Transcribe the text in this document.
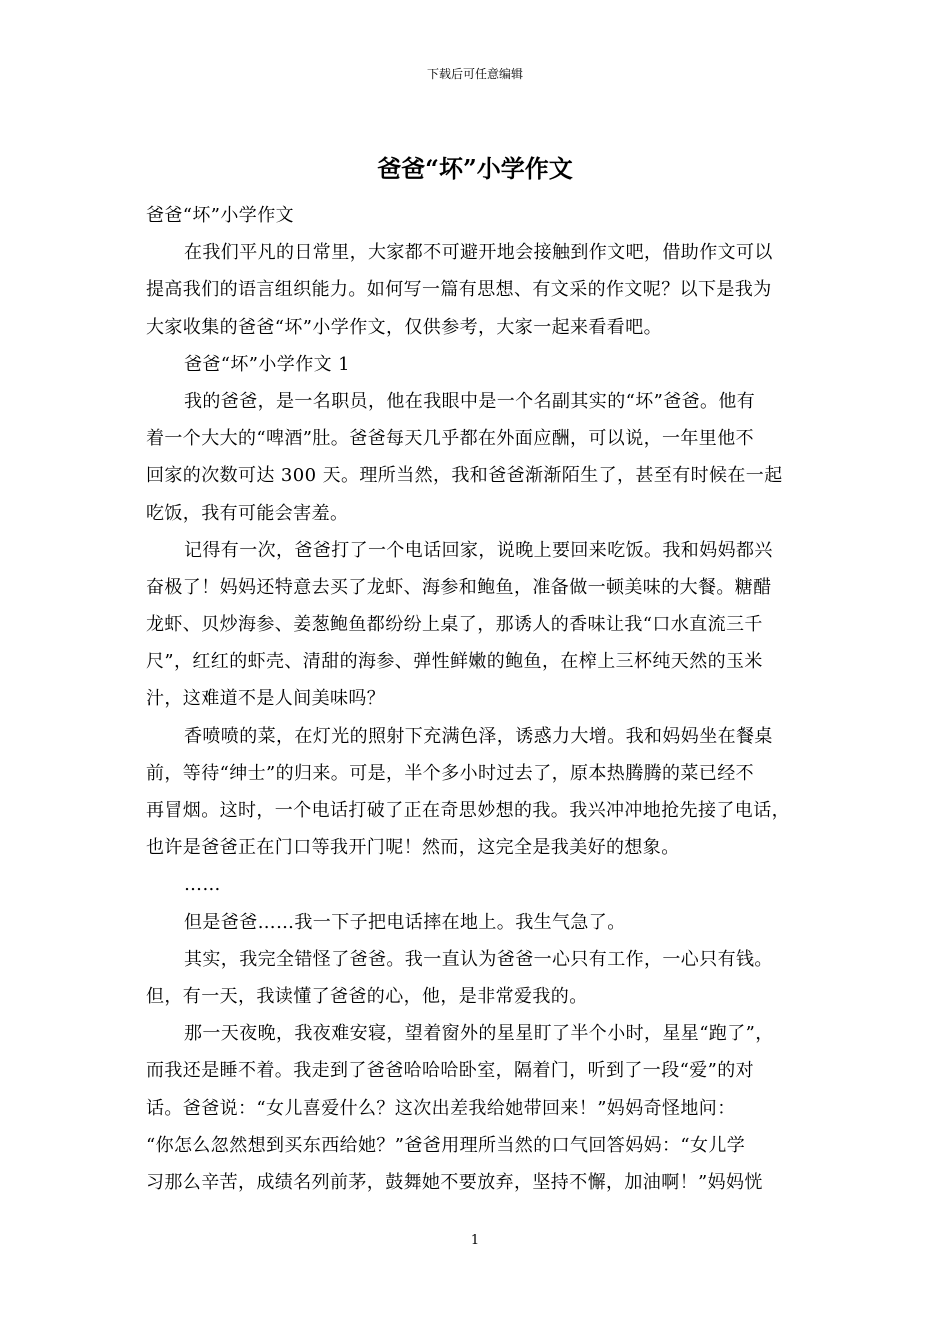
下载后可任意编辑
爸爸“坏”小学作文
爸爸“坏”小学作文
在我们平凡的日常里，大家都不可避开地会接触到作文吧，借助作文可以
提高我们的语言组织能力。如何写一篇有思想、有文采的作文呢？以下是我为
大家收集的爸爸“坏”小学作文，仅供参考，大家一起来看看吧。
爸爸“坏”小学作文 1
我的爸爸，是一名职员，他在我眼中是一个名副其实的“坏”爸爸。他有
着一个大大的“啤酒”肚。爸爸每天几乎都在外面应酬，可以说，一年里他不
回家的次数可达 300 天。理所当然，我和爸爸渐渐陌生了，甚至有时候在一起
吃饭，我有可能会害羞。
记得有一次，爸爸打了一个电话回家，说晚上要回来吃饭。我和妈妈都兴
奋极了！妈妈还特意去买了龙虾、海参和鲍鱼，准备做一顿美味的大餐。糖醋
龙虾、贝炒海参、姜葱鲍鱼都纷纷上桌了，那诱人的香味让我“口水直流三千
尺”，红红的虾壳、清甜的海参、弹性鲜嫩的鲍鱼，在榨上三杯纯天然的玉米
汁，这难道不是人间美味吗？
香喷喷的菜，在灯光的照射下充满色泽，诱惑力大增。我和妈妈坐在餐桌
前，等待“绅士”的归来。可是，半个多小时过去了，原本热腾腾的菜已经不
再冒烟。这时，一个电话打破了正在奇思妙想的我。我兴冲冲地抢先接了电话，
也许是爸爸正在门口等我开门呢！然而，这完全是我美好的想象。
……
但是爸爸……我一下子把电话摔在地上。我生气急了。
其实，我完全错怪了爸爸。我一直认为爸爸一心只有工作，一心只有钱。
但，有一天，我读懂了爸爸的心，他，是非常爱我的。
那一天夜晚，我夜难安寝，望着窗外的星星盯了半个小时，星星“跑了”，
而我还是睡不着。我走到了爸爸哈哈哈卧室，隔着门，听到了一段“爱”的对
话。爸爸说：“女儿喜爱什么？这次出差我给她带回来！”妈妈奇怪地问：
“你怎么忽然想到买东西给她？”爸爸用理所当然的口气回答妈妈：“女儿学
习那么辛苦，成绩名列前茅，鼓舞她不要放弃，坚持不懈，加油啊！”妈妈恍
1
